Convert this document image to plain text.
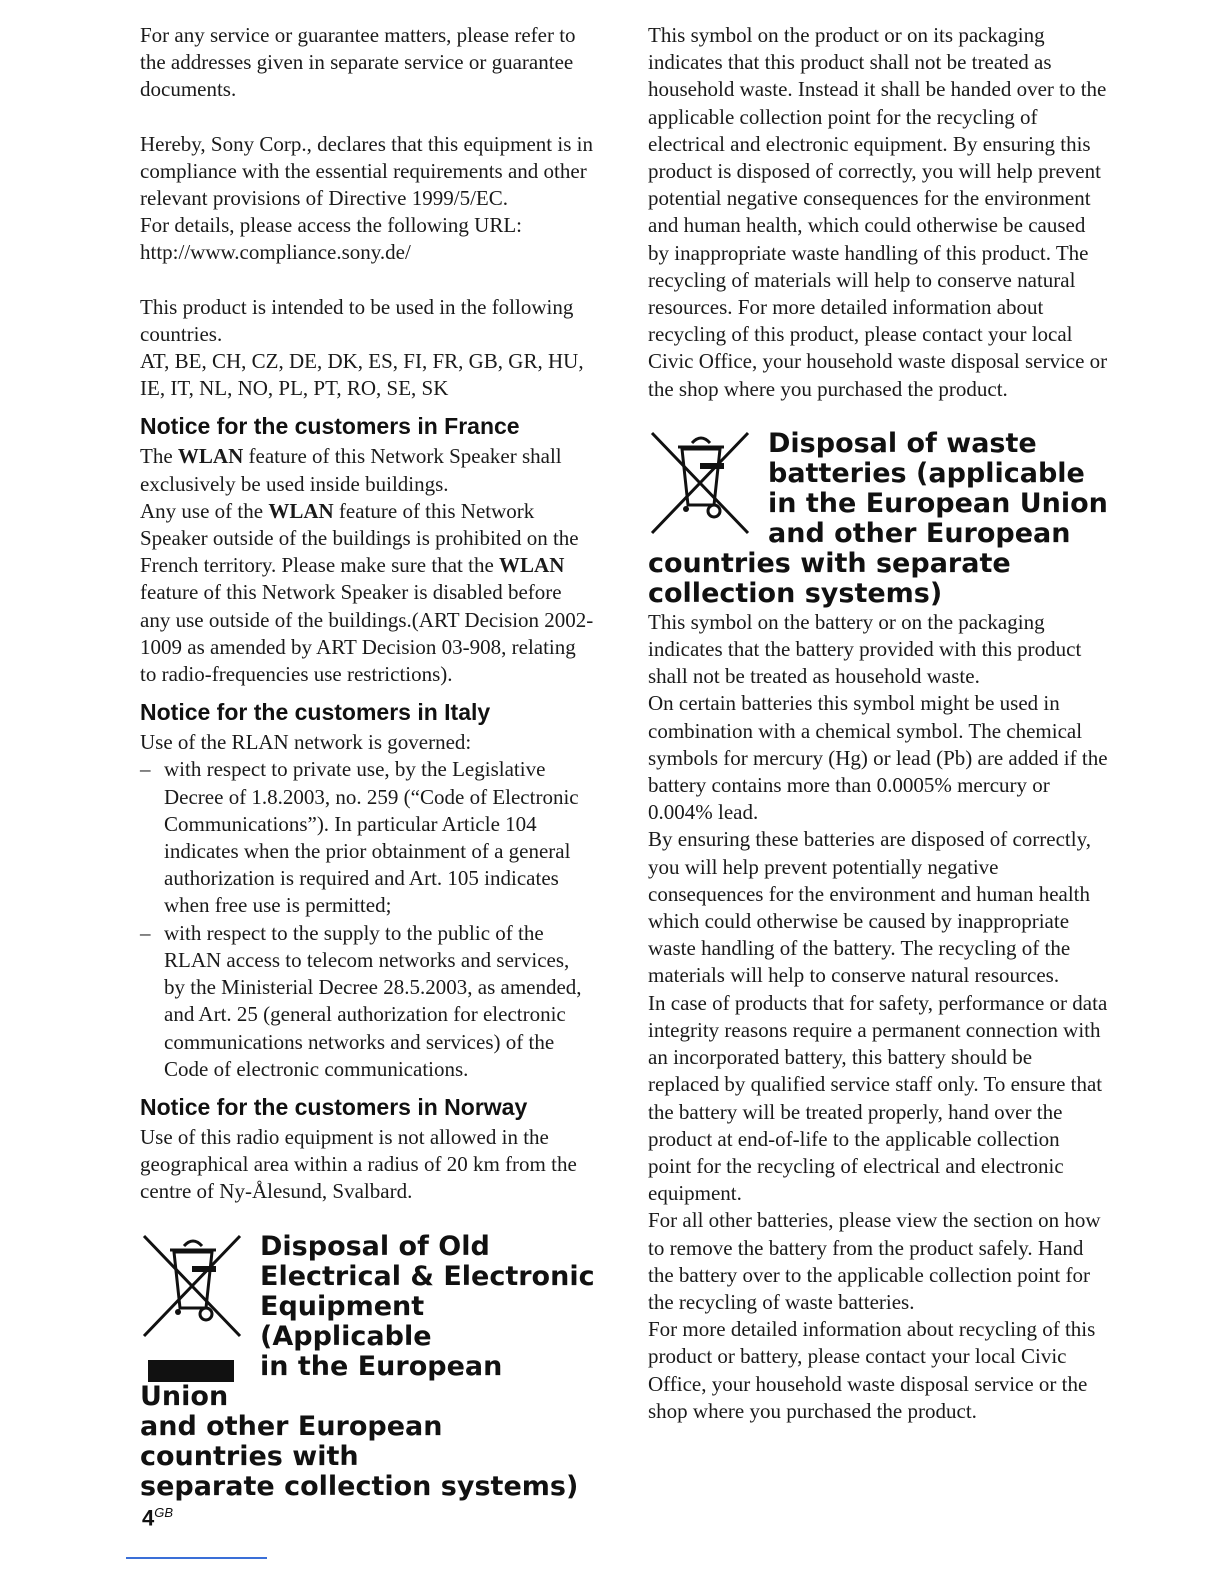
For any service or guarantee matters, please refer to the addresses given in separate service or guarantee documents.

Hereby, Sony Corp., declares that this equipment is in compliance with the essential requirements and other relevant provisions of Directive 1999/5/EC.

For details, please access the following URL:

http://www.compliance.sony.de/

This product is intended to be used in the following countries.

AT, BE, CH, CZ, DE, DK, ES, FI, FR, GB, GR, HU, IE, IT, NL, NO, PL, PT, RO, SE, SK

Notice for the customers in France

The WLAN feature of this Network Speaker shall exclusively be used inside buildings.

Any use of the WLAN feature of this Network Speaker outside of the buildings is prohibited on the French territory. Please make sure that the WLAN feature of this Network Speaker is disabled before any use outside of the buildings.(ART Decision 2002-1009 as amended by ART Decision 03-908, relating to radio-frequencies use restrictions).

Notice for the customers in Italy

Use of the RLAN network is governed:

– with respect to private use, by the Legislative Decree of 1.8.2003, no. 259 (“Code of Electronic Communications”). In particular Article 104 indicates when the prior obtainment of a general authorization is required and Art. 105 indicates when free use is permitted;

– with respect to the supply to the public of the RLAN access to telecom networks and services, by the Ministerial Decree 28.5.2003, as amended, and Art. 25 (general authorization for electronic communications networks and services) of the Code of electronic communications.

Notice for the customers in Norway

Use of this radio equipment is not allowed in the geographical area within a radius of 20 km from the centre of Ny-Ålesund, Svalbard.

Disposal of Old
Electrical & Electronic
Equipment (Applicable
in the European Union
and other European
countries with
separate collection systems)

This symbol on the product or on its packaging indicates that this product shall not be treated as household waste. Instead it shall be handed over to the applicable collection point for the recycling of electrical and electronic equipment. By ensuring this product is disposed of correctly, you will help prevent potential negative consequences for the environment and human health, which could otherwise be caused by inappropriate waste handling of this product. The recycling of materials will help to conserve natural resources. For more detailed information about recycling of this product, please contact your local Civic Office, your household waste disposal service or the shop where you purchased the product.

Disposal of waste
batteries (applicable
in the European Union
and other European
countries with separate collection systems)

This symbol on the battery or on the packaging indicates that the battery provided with this product shall not be treated as household waste.

On certain batteries this symbol might be used in combination with a chemical symbol. The chemical symbols for mercury (Hg) or lead (Pb) are added if the battery contains more than 0.0005% mercury or 0.004% lead.

By ensuring these batteries are disposed of correctly, you will help prevent potentially negative consequences for the environment and human health which could otherwise be caused by inappropriate waste handling of the battery. The recycling of the materials will help to conserve natural resources.

In case of products that for safety, performance or data integrity reasons require a permanent connection with an incorporated battery, this battery should be replaced by qualified service staff only. To ensure that the battery will be treated properly, hand over the product at end-of-life to the applicable collection point for the recycling of electrical and electronic equipment.

For all other batteries, please view the section on how to remove the battery from the product safely. Hand the battery over to the applicable collection point for the recycling of waste batteries.

For more detailed information about recycling of this product or battery, please contact your local Civic Office, your household waste disposal service or the shop where you purchased the product.

$4^{GB}$
